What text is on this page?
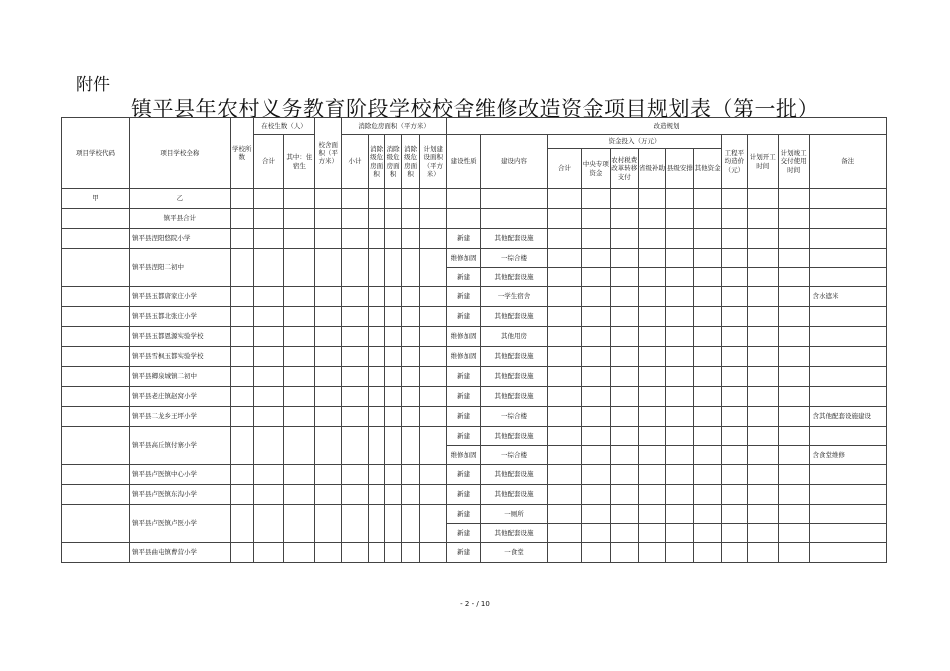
附件
镇平县年农村义务教育阶段学校校舍维修改造资金项目规划表（第一批）
项目学校代码	项目学校全称	学校所数	在校生数（人）		校舍面积（平方米）	消除危房面积（平方米）					改造规划											
			合计	其中：住宿生		小计	消除级危房面积	消除级危房面积	消除级危房面积	计划建设面积（平方米）	建设性质	建设内容	资金投入（万元）						工程平均造价（元）	计划开工时间	计划竣工交付使用时间	备注
													合计	中央专项资金	农村税费改革转移支付	省级补助	县级安排	其他资金				
甲	乙																					
	镇平县合计																					
	镇平县涅阳悠院小学										新建	其他配套设施										
	镇平县涅阳二初中										维修加固	一综合楼										
											新建	其他配套设施										
	镇平县玉都唐家庄小学										新建	一学生宿舍										含水遮米
	镇平县玉都北张庄小学										新建	其他配套设施										
	镇平县玉都恩源实验学校										维修加固	其他用房										
	镇平县雪枫玉都实验学校										维修加固	其他配套设施										
	镇平县卿泉城镇二初中										新建	其他配套设施										
	镇平县老庄镇赵窝小学										新建	其他配套设施										
	镇平县二龙乡王坪小学										新建	一综合楼										含其他配套设施建设
	镇平县高丘镇付寨小学										新建	其他配套设施										
											维修加固	一综合楼										含食堂维修
	镇平县卢医镇中心小学										新建	其他配套设施										
	镇平县卢医镇东沟小学										新建	其他配套设施										
	镇平县卢医镇卢医小学										新建	一厕所										
											新建	其他配套设施										
	镇平县曲屯镇曹营小学										新建	一食堂										
- 2 - / 10
